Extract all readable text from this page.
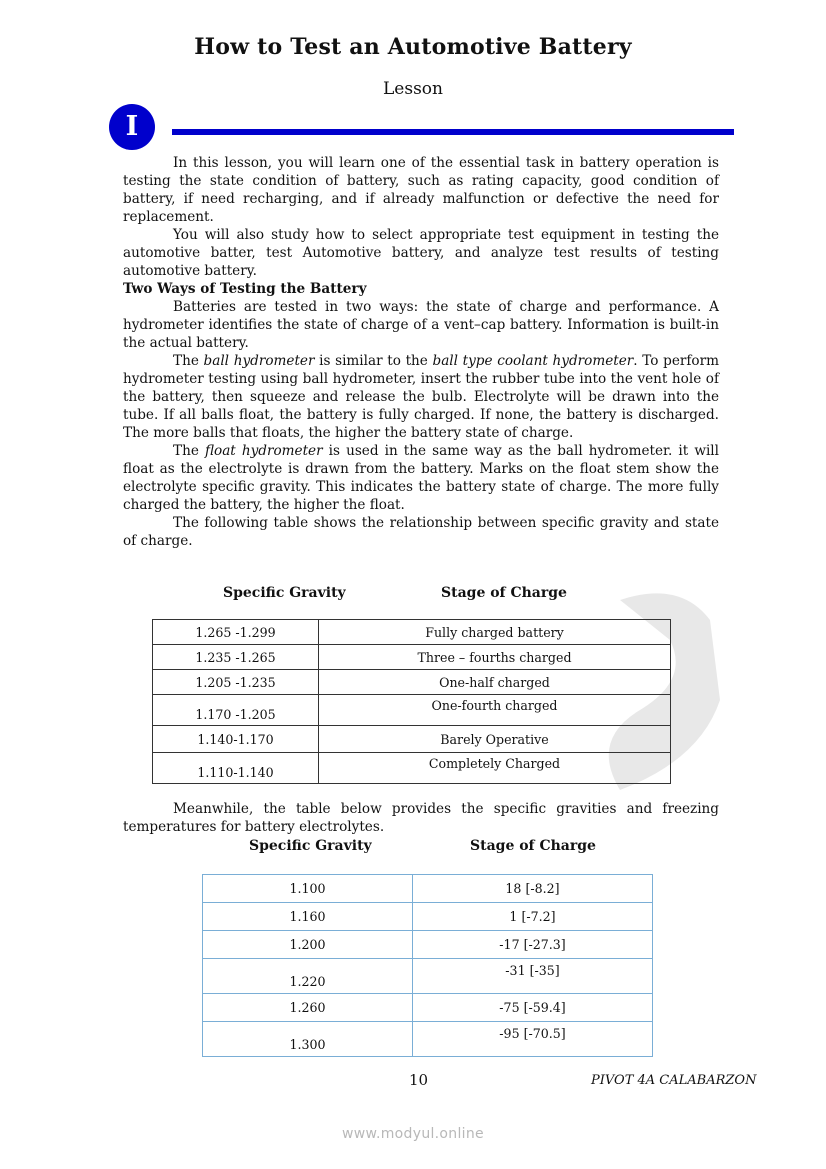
How to Test an Automotive Battery
Lesson
I

In this lesson, you will learn one of the essential task in battery operation is testing the state condition of battery, such as rating capacity, good condition of battery, if need recharging, and if already malfunction or defective the need for replacement.

You will also study how to select appropriate test equipment in testing the automotive batter, test Automotive battery, and analyze test results of testing automotive battery.

Two Ways of Testing the Battery

Batteries are tested in two ways: the state of charge and performance. A hydrometer identifies the state of charge of a vent–cap battery. Information is built-in the actual battery.

The ball hydrometer is similar to the ball type coolant hydrometer. To perform hydrometer testing using ball hydrometer, insert the rubber tube into the vent hole of the battery, then squeeze and release the bulb. Electrolyte will be drawn into the tube. If all balls float, the battery is fully charged. If none, the battery is discharged. The more balls that floats, the higher the battery state of charge.

The float hydrometer is used in the same way as the ball hydrometer. it will float as the electrolyte is drawn from the battery. Marks on the float stem show the electrolyte specific gravity. This indicates the battery state of charge. The more fully charged the battery, the higher the float.

The following table shows the relationship between specific gravity and state of charge.

Specific Gravity	Stage of Charge
1.265 -1.299	Fully charged battery
1.235 -1.265	Three – fourths charged
1.205 -1.235	One-half charged
1.170 -1.205	One-fourth charged
1.140-1.170	Barely Operative
1.110-1.140	Completely Charged

Meanwhile, the table below provides the specific gravities and freezing temperatures for battery electrolytes.

Specific Gravity	Stage of Charge
1.100	18 [-8.2]
1.160	1 [-7.2]
1.200	-17 [-27.3]
1.220	-31 [-35]
1.260	-75 [-59.4]
1.300	-95 [-70.5]
10	PIVOT 4A CALABARZON
www.modyul.online
